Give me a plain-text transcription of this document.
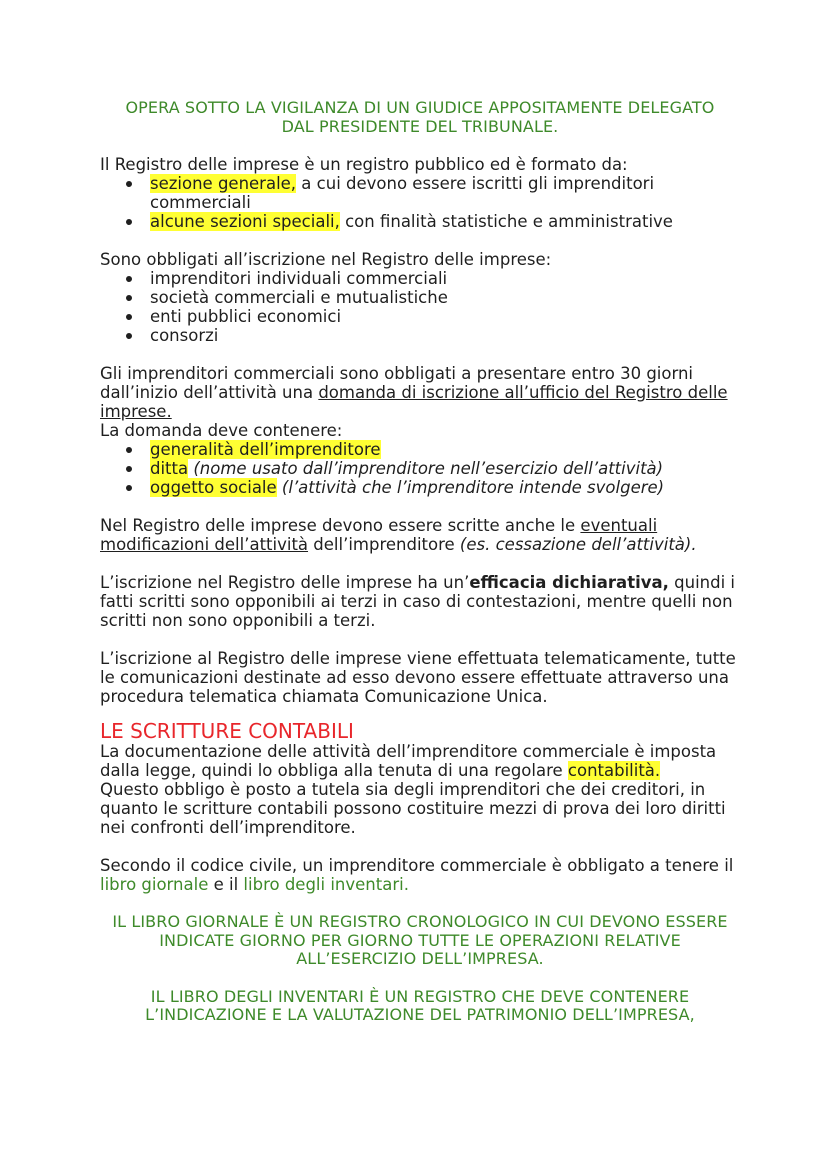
OPERA SOTTO LA VIGILANZA DI UN GIUDICE APPOSITAMENTE DELEGATO DAL PRESIDENTE DEL TRIBUNALE.

Il Registro delle imprese è un registro pubblico ed è formato da:

sezione generale, a cui devono essere iscritti gli imprenditori commerciali
alcune sezioni speciali, con finalità statistiche e amministrative

Sono obbligati all’iscrizione nel Registro delle imprese:

imprenditori individuali commerciali
società commerciali e mutualistiche
enti pubblici economici
consorzi

Gli imprenditori commerciali sono obbligati a presentare entro 30 giorni dall’inizio dell’attività una domanda di iscrizione all’ufficio del Registro delle imprese.

La domanda deve contenere:

generalità dell’imprenditore
ditta (nome usato dall’imprenditore nell’esercizio dell’attività)
oggetto sociale (l’attività che l’imprenditore intende svolgere)

Nel Registro delle imprese devono essere scritte anche le eventuali modificazioni dell’attività dell’imprenditore (es. cessazione dell’attività).

L’iscrizione nel Registro delle imprese ha un’efficacia dichiarativa, quindi i fatti scritti sono opponibili ai terzi in caso di contestazioni, mentre quelli non scritti non sono opponibili a terzi.

L’iscrizione al Registro delle imprese viene effettuata telematicamente, tutte le comunicazioni destinate ad esso devono essere effettuate attraverso una procedura telematica chiamata Comunicazione Unica.

LE SCRITTURE CONTABILI

La documentazione delle attività dell’imprenditore commerciale è imposta dalla legge, quindi lo obbliga alla tenuta di una regolare contabilità.

Questo obbligo è posto a tutela sia degli imprenditori che dei creditori, in quanto le scritture contabili possono costituire mezzi di prova dei loro diritti nei confronti dell’imprenditore.

Secondo il codice civile, un imprenditore commerciale è obbligato a tenere il libro giornale e il libro degli inventari.

IL LIBRO GIORNALE È UN REGISTRO CRONOLOGICO IN CUI DEVONO ESSERE INDICATE GIORNO PER GIORNO TUTTE LE OPERAZIONI RELATIVE ALL’ESERCIZIO DELL’IMPRESA.

IL LIBRO DEGLI INVENTARI È UN REGISTRO CHE DEVE CONTENERE L’INDICAZIONE E LA VALUTAZIONE DEL PATRIMONIO DELL’IMPRESA,
